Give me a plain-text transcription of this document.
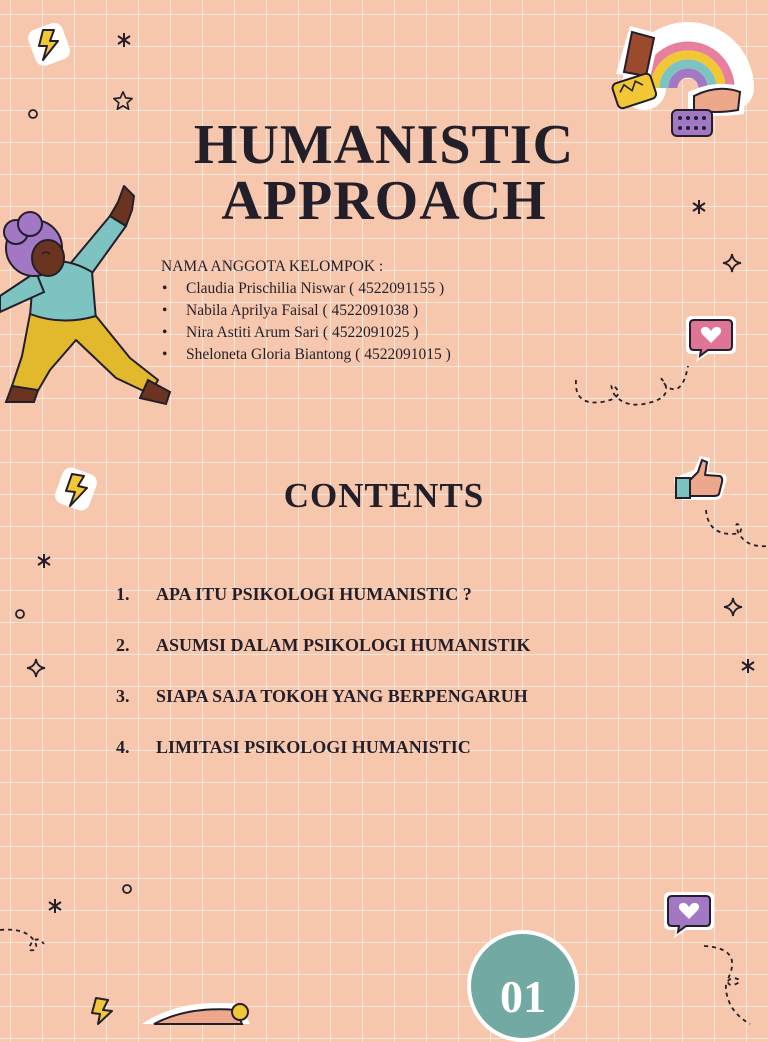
HUMANISTIC
APPROACH
NAMA ANGGOTA KELOMPOK :
• Claudia Prischilia Niswar ( 4522091155 )
• Nabila Aprilya Faisal ( 4522091038 )
• Nira Astiti Arum Sari ( 4522091025 )
• Sheloneta Gloria Biantong ( 4522091015 )
CONTENTS
1.	APA ITU PSIKOLOGI HUMANISTIC ?
2.	ASUMSI DALAM PSIKOLOGI HUMANISTIK
3.	SIAPA SAJA TOKOH YANG BERPENGARUH
4.	LIMITASI PSIKOLOGI HUMANISTIC
01
